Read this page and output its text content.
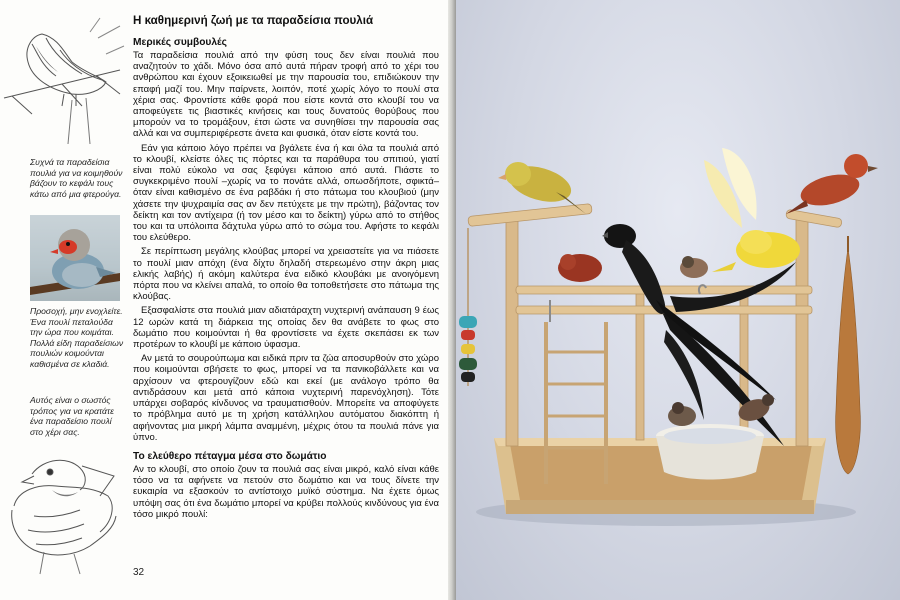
Συχνά τα παραδείσια πουλιά για να κοιμηθούν βάζουν το κεφάλι τους κάτω από μια φτερούγα.
Προσοχή, μην ενοχλείτε. Ένα πουλί πεταλούδα την ώρα που κοιμάται. Πολλά είδη παραδείσιων πουλιών κοιμούνται καθισμένα σε κλαδιά.
Αυτός είναι ο σωστός τρόπος για να κρατάτε ένα παραδείσιο πουλί στο χέρι σας.
Η καθημερινή ζωή με τα παραδείσια πουλιά
Μερικές συμβουλές

Τα παραδείσια πουλιά από την φύση τους δεν είναι πουλιά που αναζητούν το χάδι. Μόνο όσα από αυτά πήραν τροφή από το χέρι του ανθρώπου και έχουν εξοικειωθεί με την παρουσία του, επιδιώκουν την επαφή μαζί του. Μην παίρνετε, λοιπόν, ποτέ χωρίς λόγο το πουλί στα χέρια σας. Φροντίστε κάθε φορά που είστε κοντά στο κλουβί του να αποφεύγετε τις βιαστικές κινήσεις και τους δυνατούς θορύβους που μπορούν να το τρομάξουν, έτσι ώστε να συνηθίσει την παρουσία σας αλλά και να συμπεριφέρεστε άνετα και φυσικά, όταν είστε κοντά του.

Εάν για κάποιο λόγο πρέπει να βγάλετε ένα ή και όλα τα πουλιά από το κλουβί, κλείστε όλες τις πόρτες και τα παράθυρα του σπιτιού, γιατί είναι πολύ εύκολο να σας ξεφύγει κάποιο από αυτά. Πιάστε το συγκεκριμένο πουλί –χωρίς να το πονάτε αλλά, οπωσδήποτε, σφικτά– όταν είναι καθισμένο σε ένα ραβδάκι ή στο πάτωμα του κλουβιού (μην χάσετε την ψυχραιμία σας αν δεν πετύχετε με την πρώτη), βάζοντας τον δείκτη και τον αντίχειρα (ή τον μέσο και το δείκτη) γύρω από το στήθος του και τα υπόλοιπα δάχτυλα γύρω από το σώμα του. Αφήστε το κεφάλι του ελεύθερο.

Σε περίπτωση μεγάλης κλούβας μπορεί να χρειαστείτε για να πιάσετε το πουλί μιαν απόχη (ένα δίχτυ δηλαδή στερεωμένο στην άκρη μιας ελικής λαβής) ή ακόμη καλύτερα ένα ειδικό κλουβάκι με ανοιγόμενη πόρτα που να κλείνει απαλά, το οποίο θα τοποθετήσετε στο πάτωμα της κλούβας.

Εξασφαλίστε στα πουλιά μιαν αδιατάραχτη νυχτερινή ανάπαυση 9 έως 12 ωρών κατά τη διάρκεια της οποίας δεν θα ανάβετε το φως στο δωμάτιο που κοιμούνται ή θα φροντίσετε να έχετε σκεπάσει εκ των προτέρων το κλουβί με κάποιο ύφασμα.

Αν μετά το σουρούπωμα και ειδικά πριν τα ζώα αποσυρθούν στο χώρο που κοιμούνται σβήσετε το φως, μπορεί να τα πανικοβάλλετε και να αρχίσουν να φτερουγίζουν εδώ και εκεί (με ανάλογο τρόπο θα αντιδράσουν και μετά από κάποια νυχτερινή παρενόχληση). Τότε υπάρχει σοβαρός κίνδυνος να τραυματισθούν. Μπορείτε να αποφύγετε το πρόβλημα αυτό με τη χρήση κατάλληλου αυτόματου διακόπτη ή αφήνοντας μια μικρή λάμπα αναμμένη, μέχρις ότου τα πουλιά πάνε για ύπνο.

Το ελεύθερο πέταγμα μέσα στο δωμάτιο

Αν το κλουβί, στο οποίο ζουν τα πουλιά σας είναι μικρό, καλό είναι κάθε τόσο να τα αφήνετε να πετούν στο δωμάτιο και να τους δίνετε την ευκαιρία να εξασκούν το αντίστοιχο μυϊκό σύστημα. Να έχετε όμως υπόψη σας ότι ένα δωμάτιο μπορεί να κρύβει πολλούς κινδύνους για ένα τόσο μικρό πουλί:

32
